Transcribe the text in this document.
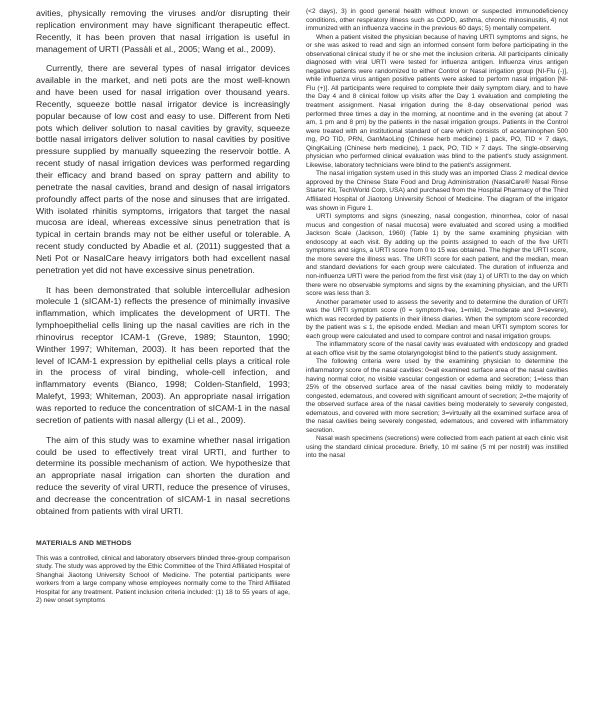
avities, physically removing the viruses and/or disrupting their replication environment may have significant therapeutic effect. Recently, it has been proven that nasal irrigation is useful in management of URTI (Passàli et al., 2005; Wang et al., 2009).

Currently, there are several types of nasal irrigator devices available in the market, and neti pots are the most well-known and have been used for nasal irrigation over thousand years. Recently, squeeze bottle nasal irrigator device is increasingly popular because of low cost and easy to use. Different from Neti pots which deliver solution to nasal cavities by gravity, squeeze bottle nasal irrigators deliver solution to nasal cavities by positive pressure supplied by manually squeezing the reservoir bottle. A recent study of nasal irrigation devices was performed regarding their efficacy and brand based on spray pattern and ability to penetrate the nasal cavities, brand and design of nasal irrigators profoundly affect parts of the nose and sinuses that are irrigated. With isolated rhinitis symptoms, irrigators that target the nasal mucosa are ideal, whereas excessive sinus penetration that is typical in certain brands may not be either useful or tolerable. A recent study conducted by Abadie et al. (2011) suggested that a Neti Pot or NasalCare heavy irrigators both had excellent nasal penetration yet did not have excessive sinus penetration.

It has been demonstrated that soluble intercellular adhesion molecule 1 (sICAM-1) reflects the presence of minimally invasive inflammation, which implicates the development of URTI. The lymphoepithelial cells lining up the nasal cavities are rich in the rhinovirus receptor ICAM-1 (Greve, 1989; Staunton, 1990; Winther 1997; Whiteman, 2003). It has been reported that the level of ICAM-1 expression by epithelial cells plays a critical role in the process of viral binding, whole-cell infection, and inflammatory events (Bianco, 1998; Colden-Stanfield, 1993; Malefyt, 1993; Whiteman, 2003). An appropriate nasal irrigation was reported to reduce the concentration of sICAM-1 in the nasal secretion of patients with nasal allergy (Li et al., 2009).

The aim of this study was to examine whether nasal irrigation could be used to effectively treat viral URTI, and further to determine its possible mechanism of action. We hypothesize that an appropriate nasal irrigation can shorten the duration and reduce the severity of viral URTI, reduce the presence of viruses, and decrease the concentration of sICAM-1 in nasal secretions obtained from patients with viral URTI.

MATERIALS AND METHODS

This was a controlled, clinical and laboratory observers blinded three-group comparison study. The study was approved by the Ethic Committee of the Third Affiliated Hospital of Shanghai Jiaotong University School of Medicine. The potential participants were workers from a large company whose employees normally come to the Third Affiliated Hospital for any treatment. Patient inclusion criteria included: (1) 18 to 55 years of age, 2) new onset symptoms

(<2 days), 3) in good general health without known or suspected immunodeficiency conditions, other respiratory illness such as COPD, asthma, chronic rhinosinusitis, 4) not immunized with an influenza vaccine in the previous 60 days; 5) mentally competent.

When a patient visited the physician because of having URTI symptoms and signs, he or she was asked to read and sign an informed consent form before participating in the observational clinical study if he or she met the inclusion criteria. All participants clinically diagnosed with viral URTI were tested for influenza antigen. Influenza virus antigen negative patients were randomized to either Control or Nasal irrigation group [NI-Flu (-)], while influenza virus antigen positive patients were asked to perform nasal irrigation [NI-Flu (+)]. All participants were required to complete their daily symptom diary, and to have the Day 4 and 8 clinical follow up visits after the Day 1 evaluation and completing the treatment assignment. Nasal irrigation during the 8-day observational period was performed three times a day in the morning, at noontime and in the evening (at about 7 am, 1 pm and 8 pm) by the patients in the nasal irrigation groups. Patients in the Control were treated with an institutional standard of care which consists of acetaminophen 500 mg, PO TID, PRN, GanMaoLing (Chinese herb medicine) 1 pack, PO, TID × 7 days, QingKaiLing (Chinese herb medicine), 1 pack, PO, TID × 7 days. The single-observing physician who performed clinical evaluation was blind to the patient's study assignment. Likewise, laboratory technicians were blind to the patient's assignment.

The nasal irrigation system used in this study was an imported Class 2 medical device approved by the Chinese State Food and Drug Administration (NasalCare® Nasal Rinse Starter Kit, TechWorld Corp, USA) and purchased from the Hospital Pharmacy of the Third Affiliated Hospital of Jiaotong University School of Medicine. The diagram of the irrigator was shown in Figure 1.

URTI symptoms and signs (sneezing, nasal congestion, rhinorrhea, color of nasal mucus and congestion of nasal mucosa) were evaluated and scored using a modified Jackson Scale (Jackson, 1960) (Table 1) by the same examining physician with endoscopy at each visit. By adding up the points assigned to each of the five URTI symptoms and signs, a URTI score from 0 to 15 was obtained. The higher the URTI score, the more severe the illness was. The URTI score for each patient, and the median, mean and standard deviations for each group were calculated. The duration of influenza and non-influenza URTI were the period from the first visit (day 1) of URTI to the day on which there were no observable symptoms and signs by the examining physician, and the URTI score was less than 3.

Another parameter used to assess the severity and to determine the duration of URTI was the URTI symptom score (0 = symptom-free, 1=mild, 2=moderate and 3=severe), which was recorded by patients in their illness diaries. When the symptom score recorded by the patient was ≤ 1, the episode ended. Median and mean URTI symptom scores for each group were calculated and used to compare control and nasal irrigation groups.

The inflammatory score of the nasal cavity was evaluated with endoscopy and graded at each office visit by the same otolaryngologist blind to the patient's study assignment.

The following criteria were used by the examining physician to determine the inflammatory score of the nasal cavities: 0=all examined surface area of the nasal cavities having normal color, no visible vascular congestion or edema and secretion; 1=less than 25% of the observed surface area of the nasal cavities being mildly to moderately congested, edematous, and covered with significant amount of secretion; 2=the majority of the observed surface area of the nasal cavities being moderately to severely congested, edematous, and covered with more secretion; 3=virtually all the examined surface area of the nasal cavities being severely congested, edematous, and covered with inflammatory secretion.

Nasal wash specimens (secretions) were collected from each patient at each clinic visit using the standard clinical procedure. Briefly, 10 ml saline (5 ml per nostril) was instilled into the nasal
